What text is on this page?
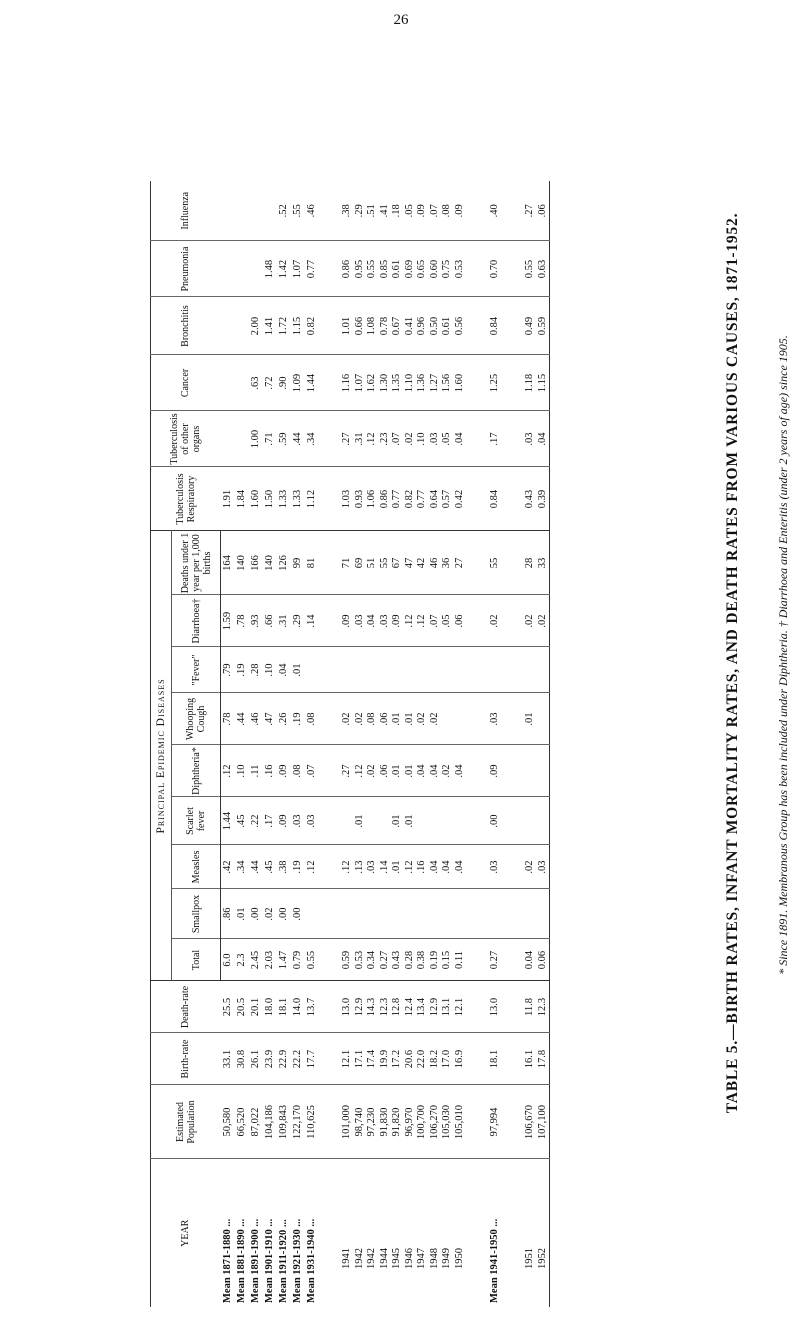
26
YEAR	Estimated Population	Birth-rate	Death-rate	Principal Epidemic Diseases									Tuberculosis Respiratory	Tuberculosis of other organs	Cancer	Bronchitis	Pneumonia	Influenza
				Total	Smallpox	Measles	Scarlet fever	Diphtheria*	Whooping Cough	"Fever"	Diarrhoea†	Deaths under 1 year per 1,000 births						
Mean 1871-1880 ...	50,580	33.1	25.5	6.0	.86	.42	1.44	.12	.78	.79	1.59	164	1.91					
Mean 1881-1890 ...	66,520	30.8	20.5	2.3	.01	.34	.45	.10	.44	.19	.78	140	1.84					
Mean 1891-1900 ...	87,022	26.1	20.1	2.45	.00	.44	.22	.11	.46	.28	.93	166	1.60	1.00	.63	2.00		
Mean 1901-1910 ...	104,186	23.9	18.0	2.03	.02	.45	.17	.16	.47	.10	.66	140	1.50	.71	.72	1.41	1.48	
Mean 1911-1920 ...	109,843	22.9	18.1	1.47	.00	.38	.09	.09	.26	.04	.31	126	1.33	.59	.90	1.72	1.42	.52
Mean 1921-1930 ...	122,170	22.2	14.0	0.79	.00	.19	.03	.08	.19	.01	.29	99	1.33	.44	1.09	1.15	1.07	.55
Mean 1931-1940 ...	110,625	17.7	13.7	0.55		.12	.03	.07	.08		.14	81	1.12	.34	1.44	0.82	0.77	.46

1941	101,000	12.1	13.0	0.59		.12		.27	.02		.09	71	1.03	.27	1.16	1.01	0.86	.38
1942	98,740	17.1	12.9	0.53		.13	.01	.12	.02		.03	69	0.93	.31	1.07	0.66	0.95	.29
1942	97,230	17.4	14.3	0.34		.03		.02	.08		.04	51	1.06	.12	1.62	1.08	0.55	.51
1944	91,830	19.9	12.3	0.27		.14		.06	.06		.03	55	0.86	.23	1.30	0.78	0.85	.41
1945	91,820	17.2	12.8	0.43		.01	.01	.01	.01		.09	67	0.77	.07	1.35	0.67	0.61	.18
1946	96,970	20.6	12.4	0.28		.12	.01	.01	.01		.12	47	0.82	.02	1.10	0.41	0.69	.05
1947	100,700	22.0	13.4	0.38		.16		.04	.02		.12	42	0.77	.10	1.36	0.96	0.65	.09
1948	106,270	18.2	12.9	0.19		.04		.04	.02		.07	46	0.64	.03	1.27	0.50	0.60	.07
1949	105,030	17.0	13.1	0.15		.04		.02			.05	36	0.57	.05	1.56	0.61	0.75	.08
1950	105,010	16.9	12.1	0.11		.04		.04			.06	27	0.42	.04	1.60	0.56	0.53	.09

Mean 1941-1950 ...	97,994	18.1	13.0	0.27		.03	.00	.09	.03		.02	55	0.84	.17	1.25	0.84	0.70	.40

1951	106,670	16.1	11.8	0.04		.02			.01		.02	28	0.43	.03	1.18	0.49	0.55	.27
1952	107,100	17.8	12.3	0.06		.03					.02	33	0.39	.04	1.15	0.59	0.63	.06
TABLE 5.—BIRTH RATES, INFANT MORTALITY RATES, AND DEATH RATES FROM VARIOUS CAUSES, 1871-1952.	* Since 1891. Membranous Group has been included under Diphtheria. † Diarrhoea and Enteritis (under 2 years of age) since 1905.
